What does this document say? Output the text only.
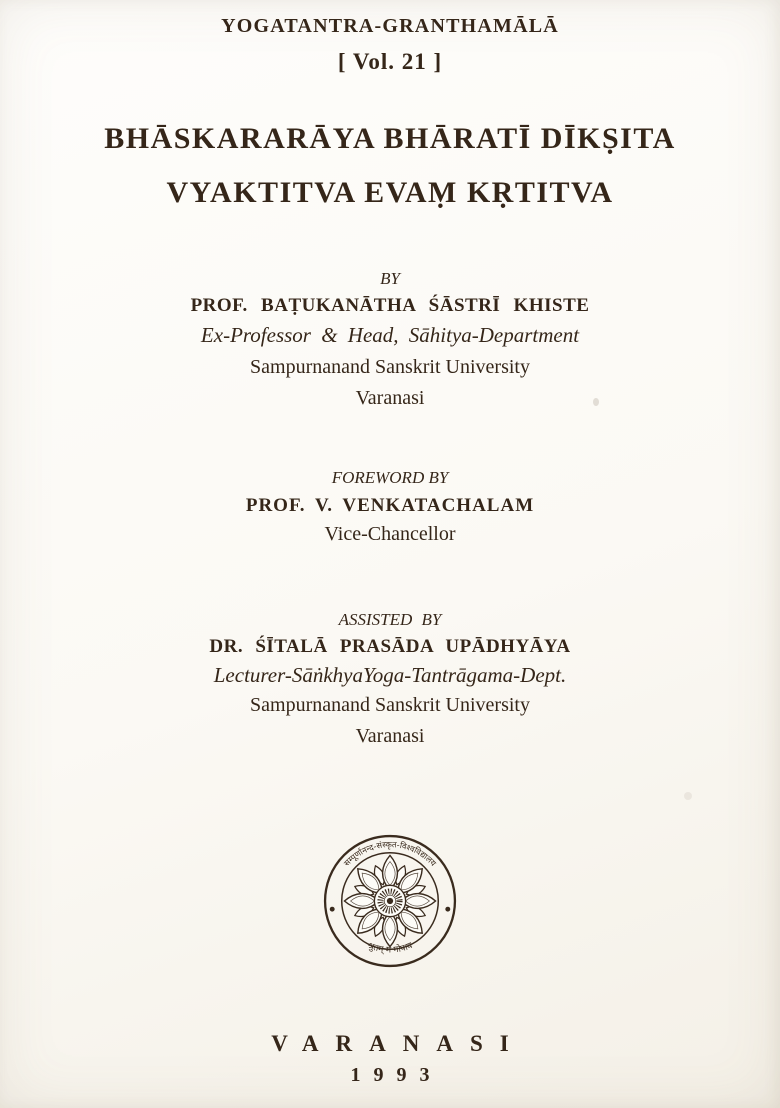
YOGATANTRA-GRANTHAMĀLĀ
[ Vol. 21 ]
BHĀSKARARĀYA BHĀRATĪ DĪKṢITA
VYAKTITVA EVAṂ KṚTITVA
BY
PROF. BAṬUKANĀTHA ŚĀSTRĪ KHISTE
Ex-Professor & Head, Sāhitya-Department
Sampurnanand Sanskrit University
Varanasi
FOREWORD BY
PROF. V. VENKATACHALAM
Vice-Chancellor
ASSISTED BY
DR. ŚĪTALĀ PRASĀDA UPĀDHYĀYA
Lecturer-SāṅkhyaYoga-Tantrāgama-Dept.
Sampurnanand Sanskrit University
Varanasi
सम्पूर्णानन्द-संस्कृत-विश्वविद्यालय
श्रुतम् मे गोपाय
VARANASI
1993
